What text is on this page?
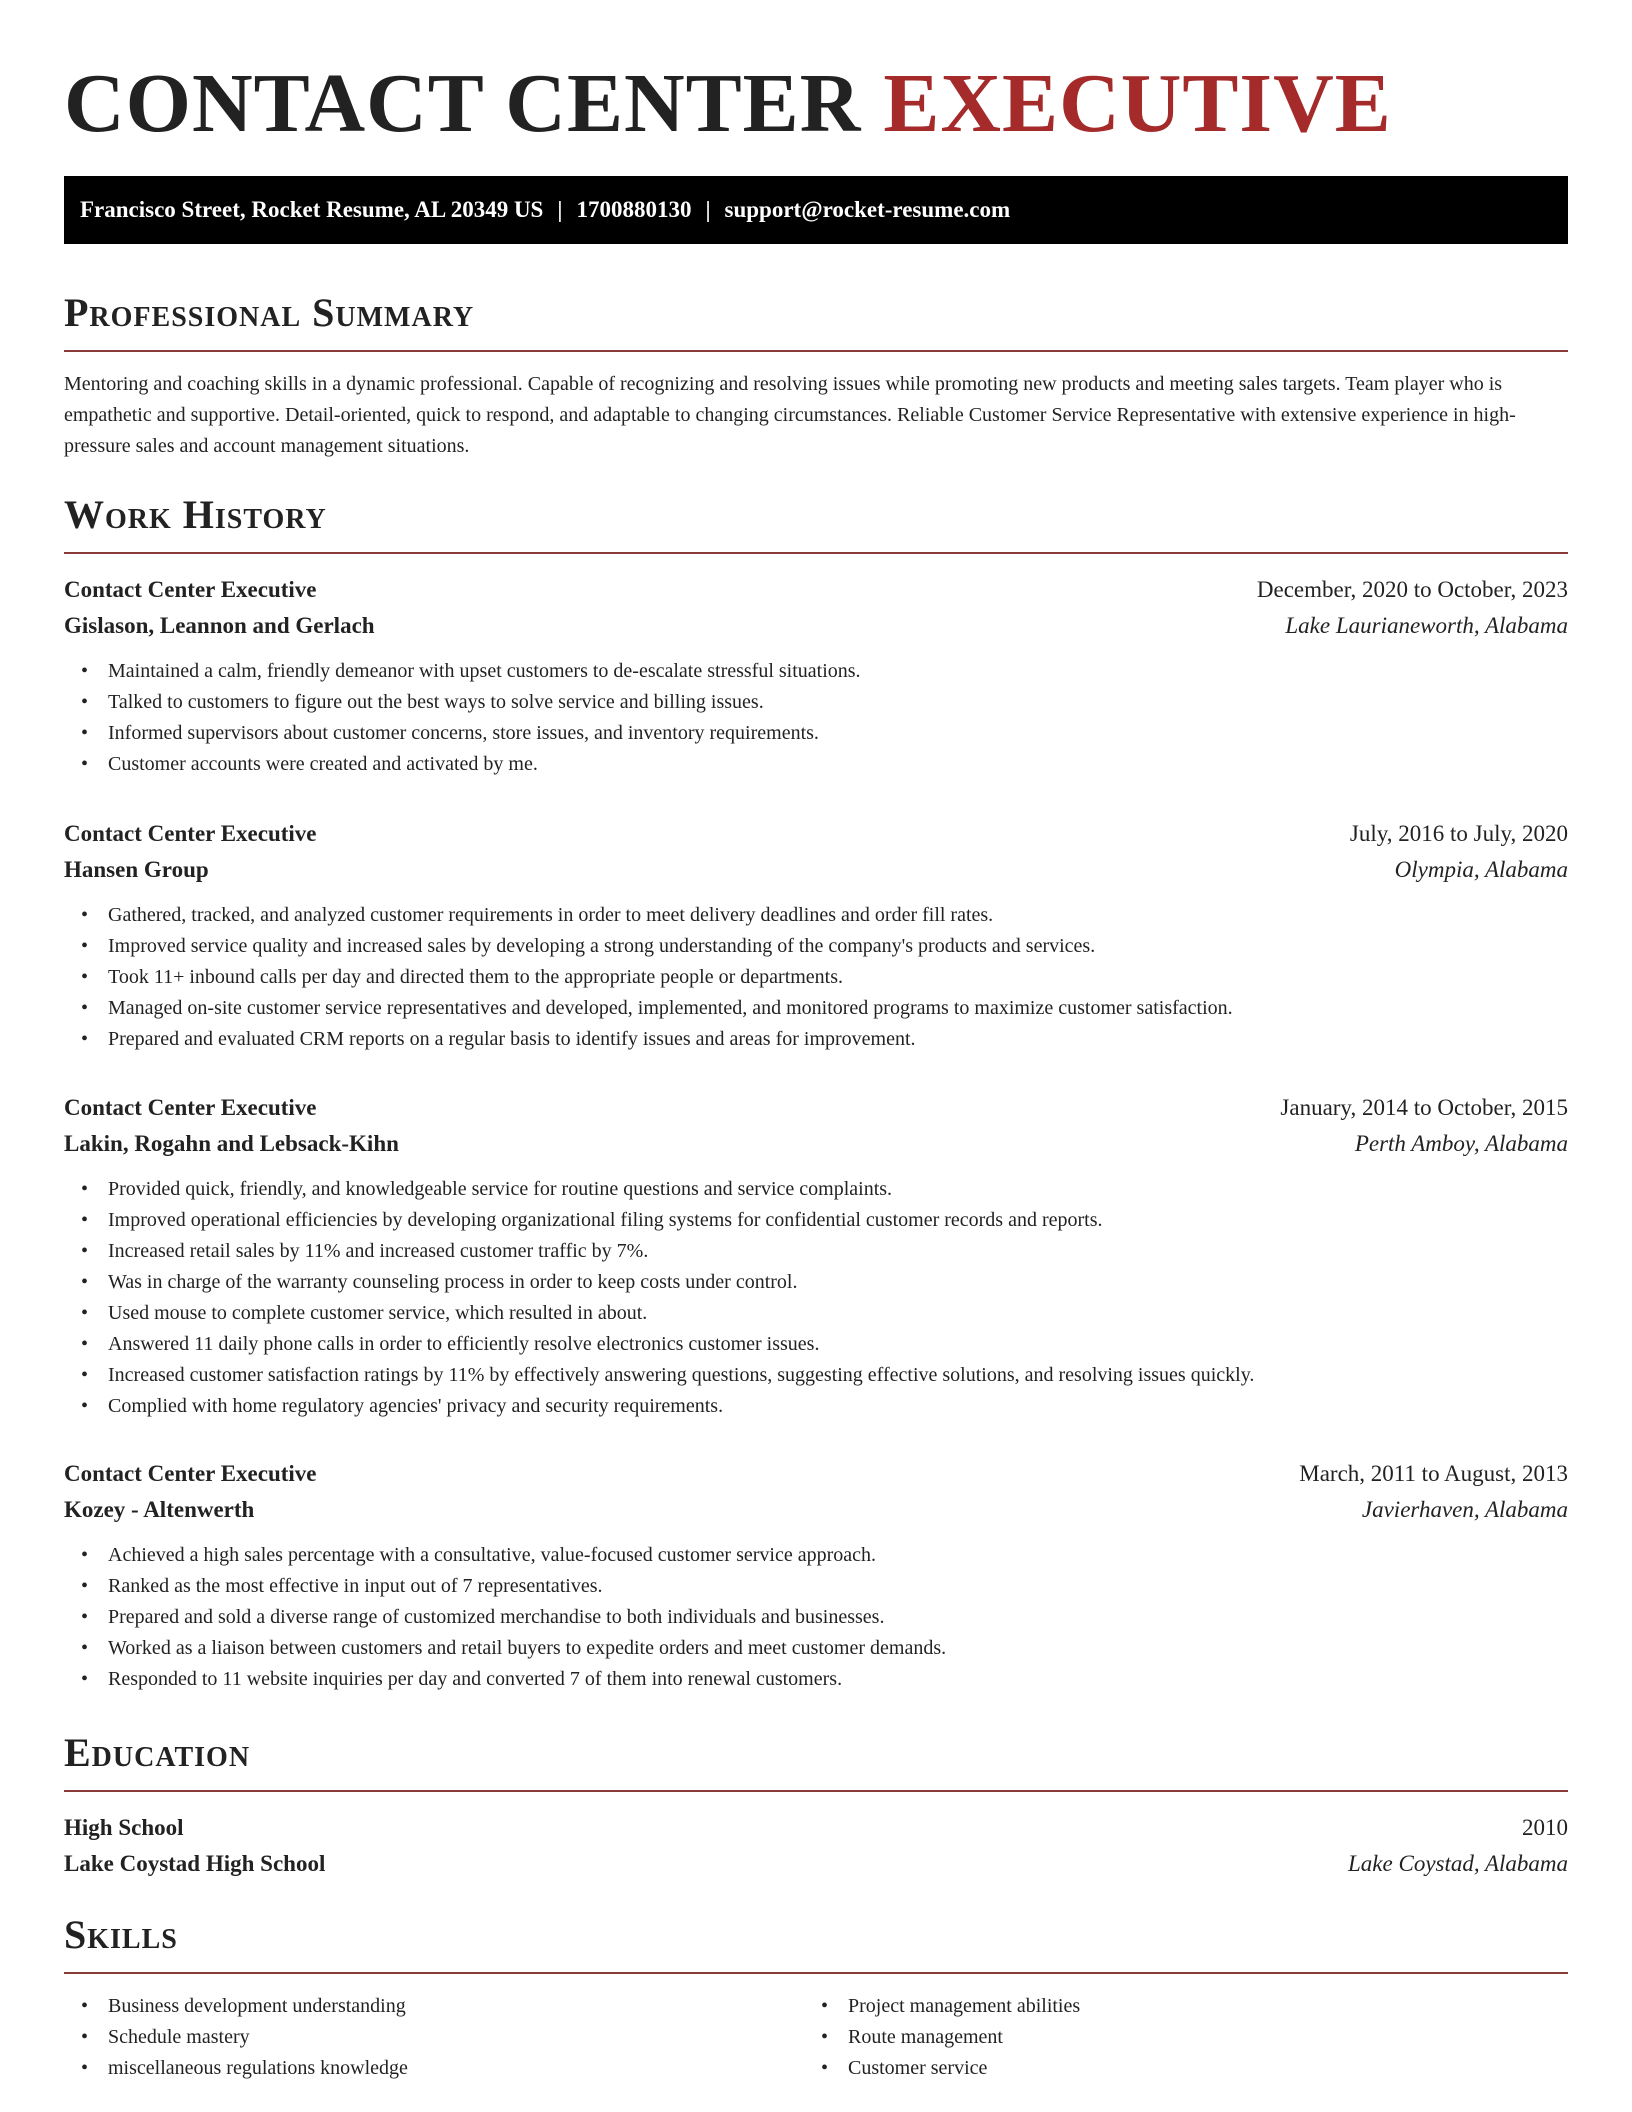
CONTACT CENTER EXECUTIVE
Francisco Street, Rocket Resume, AL 20349 US | 1700880130 | support@rocket-resume.com
Professional Summary

Mentoring and coaching skills in a dynamic professional. Capable of recognizing and resolving issues while promoting new products and meeting sales targets. Team player who is empathetic and supportive. Detail-oriented, quick to respond, and adaptable to changing circumstances. Reliable Customer Service Representative with extensive experience in high-pressure sales and account management situations.

Work History
Contact Center Executive	December, 2020 to October, 2023
Gislason, Leannon and Gerlach	Lake Laurianeworth, Alabama
• Maintained a calm, friendly demeanor with upset customers to de-escalate stressful situations.
• Talked to customers to figure out the best ways to solve service and billing issues.
• Informed supervisors about customer concerns, store issues, and inventory requirements.
• Customer accounts were created and activated by me.
Contact Center Executive	July, 2016 to July, 2020
Hansen Group	Olympia, Alabama
• Gathered, tracked, and analyzed customer requirements in order to meet delivery deadlines and order fill rates.
• Improved service quality and increased sales by developing a strong understanding of the company's products and services.
• Took 11+ inbound calls per day and directed them to the appropriate people or departments.
• Managed on-site customer service representatives and developed, implemented, and monitored programs to maximize customer satisfaction.
• Prepared and evaluated CRM reports on a regular basis to identify issues and areas for improvement.
Contact Center Executive	January, 2014 to October, 2015
Lakin, Rogahn and Lebsack-Kihn	Perth Amboy, Alabama
• Provided quick, friendly, and knowledgeable service for routine questions and service complaints.
• Improved operational efficiencies by developing organizational filing systems for confidential customer records and reports.
• Increased retail sales by 11% and increased customer traffic by 7%.
• Was in charge of the warranty counseling process in order to keep costs under control.
• Used mouse to complete customer service, which resulted in about.
• Answered 11 daily phone calls in order to efficiently resolve electronics customer issues.
• Increased customer satisfaction ratings by 11% by effectively answering questions, suggesting effective solutions, and resolving issues quickly.
• Complied with home regulatory agencies' privacy and security requirements.
Contact Center Executive	March, 2011 to August, 2013
Kozey - Altenwerth	Javierhaven, Alabama
• Achieved a high sales percentage with a consultative, value-focused customer service approach.
• Ranked as the most effective in input out of 7 representatives.
• Prepared and sold a diverse range of customized merchandise to both individuals and businesses.
• Worked as a liaison between customers and retail buyers to expedite orders and meet customer demands.
• Responded to 11 website inquiries per day and converted 7 of them into renewal customers.
Education
High School	2010
Lake Coystad High School	Lake Coystad, Alabama
Skills
• Business development understanding
• Schedule mastery
• miscellaneous regulations knowledge
• Project management abilities
• Route management
• Customer service
